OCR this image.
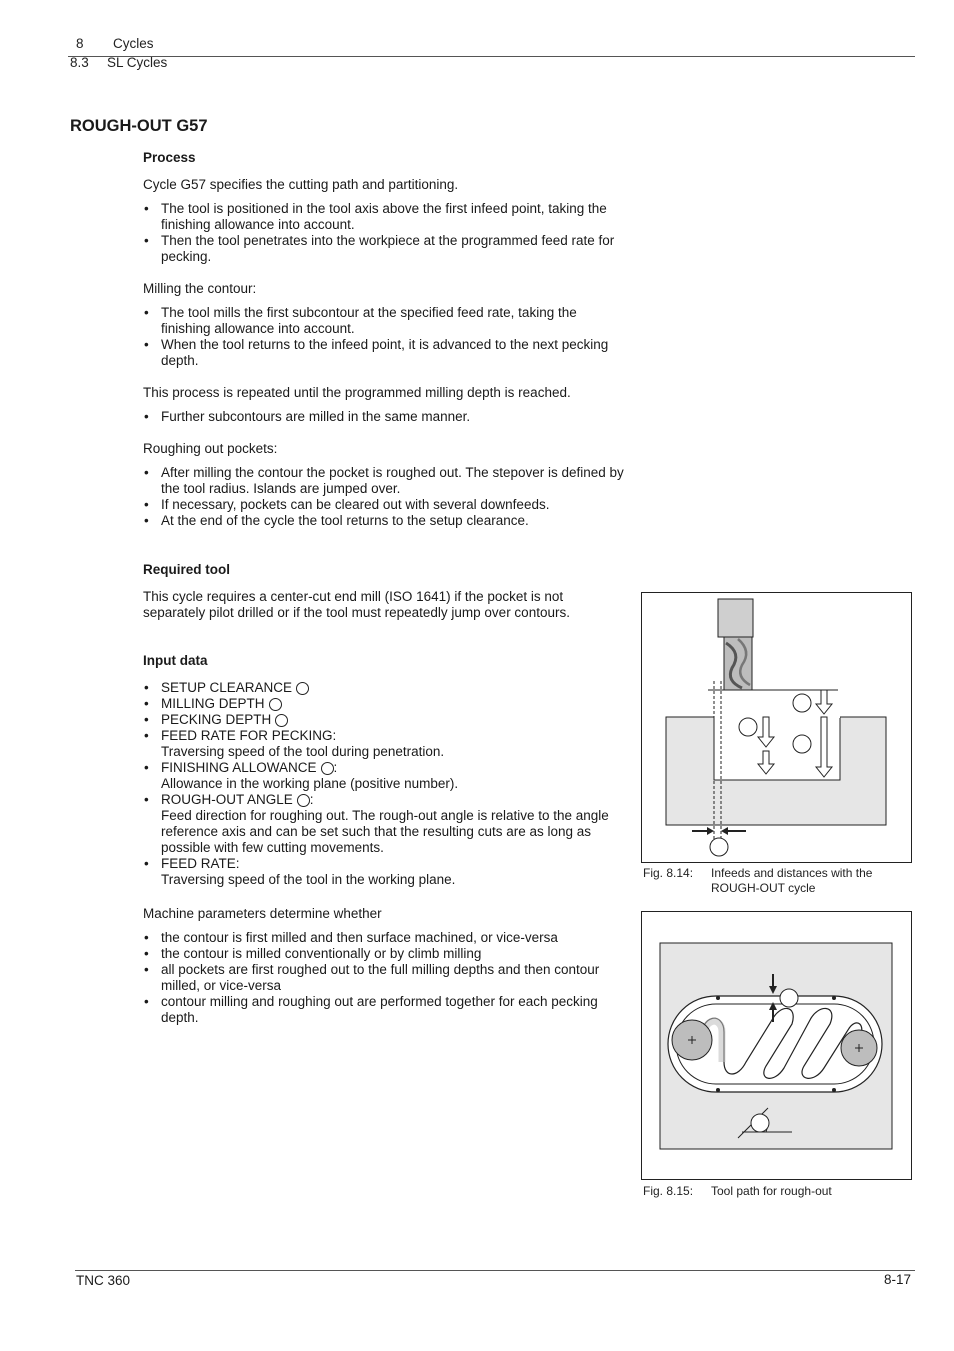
8 Cycles
8.3 SL Cycles
ROUGH-OUT G57
Process
Cycle G57 specifies the cutting path and partitioning.
• The tool is positioned in the tool axis above the first infeed point, taking the finishing allowance into account.
• Then the tool penetrates into the workpiece at the programmed feed rate for pecking.
Milling the contour:
• The tool mills the first subcontour at the specified feed rate, taking the finishing allowance into account.
• When the tool returns to the infeed point, it is advanced to the next pecking depth.
This process is repeated until the programmed milling depth is reached.
• Further subcontours are milled in the same manner.
Roughing out pockets:
• After milling the contour the pocket is roughed out. The stepover is defined by the tool radius. Islands are jumped over.
• If necessary, pockets can be cleared out with several downfeeds.
• At the end of the cycle the tool returns to the setup clearance.
Required tool
This cycle requires a center-cut end mill (ISO 1641) if the pocket is not separately pilot drilled or if the tool must repeatedly jump over contours.
Input data
• SETUP CLEARANCE
• MILLING DEPTH
• PECKING DEPTH
• FEED RATE FOR PECKING:
Traversing speed of the tool during penetration.
• FINISHING ALLOWANCE :
Allowance in the working plane (positive number).
• ROUGH-OUT ANGLE :
Feed direction for roughing out. The rough-out angle is relative to the angle reference axis and can be set such that the resulting cuts are as long as possible with few cutting movements.
• FEED RATE:
Traversing speed of the tool in the working plane.
Machine parameters determine whether
• the contour is first milled and then surface machined, or vice-versa
• the contour is milled conventionally or by climb milling
• all pockets are first roughed out to the full milling depths and then contour milled, or vice-versa
• contour milling and roughing out are performed together for each pecking depth.
Fig. 8.14: Infeeds and distances with the ROUGH-OUT cycle
Fig. 8.15: Tool path for rough-out
TNC 360	8-17
